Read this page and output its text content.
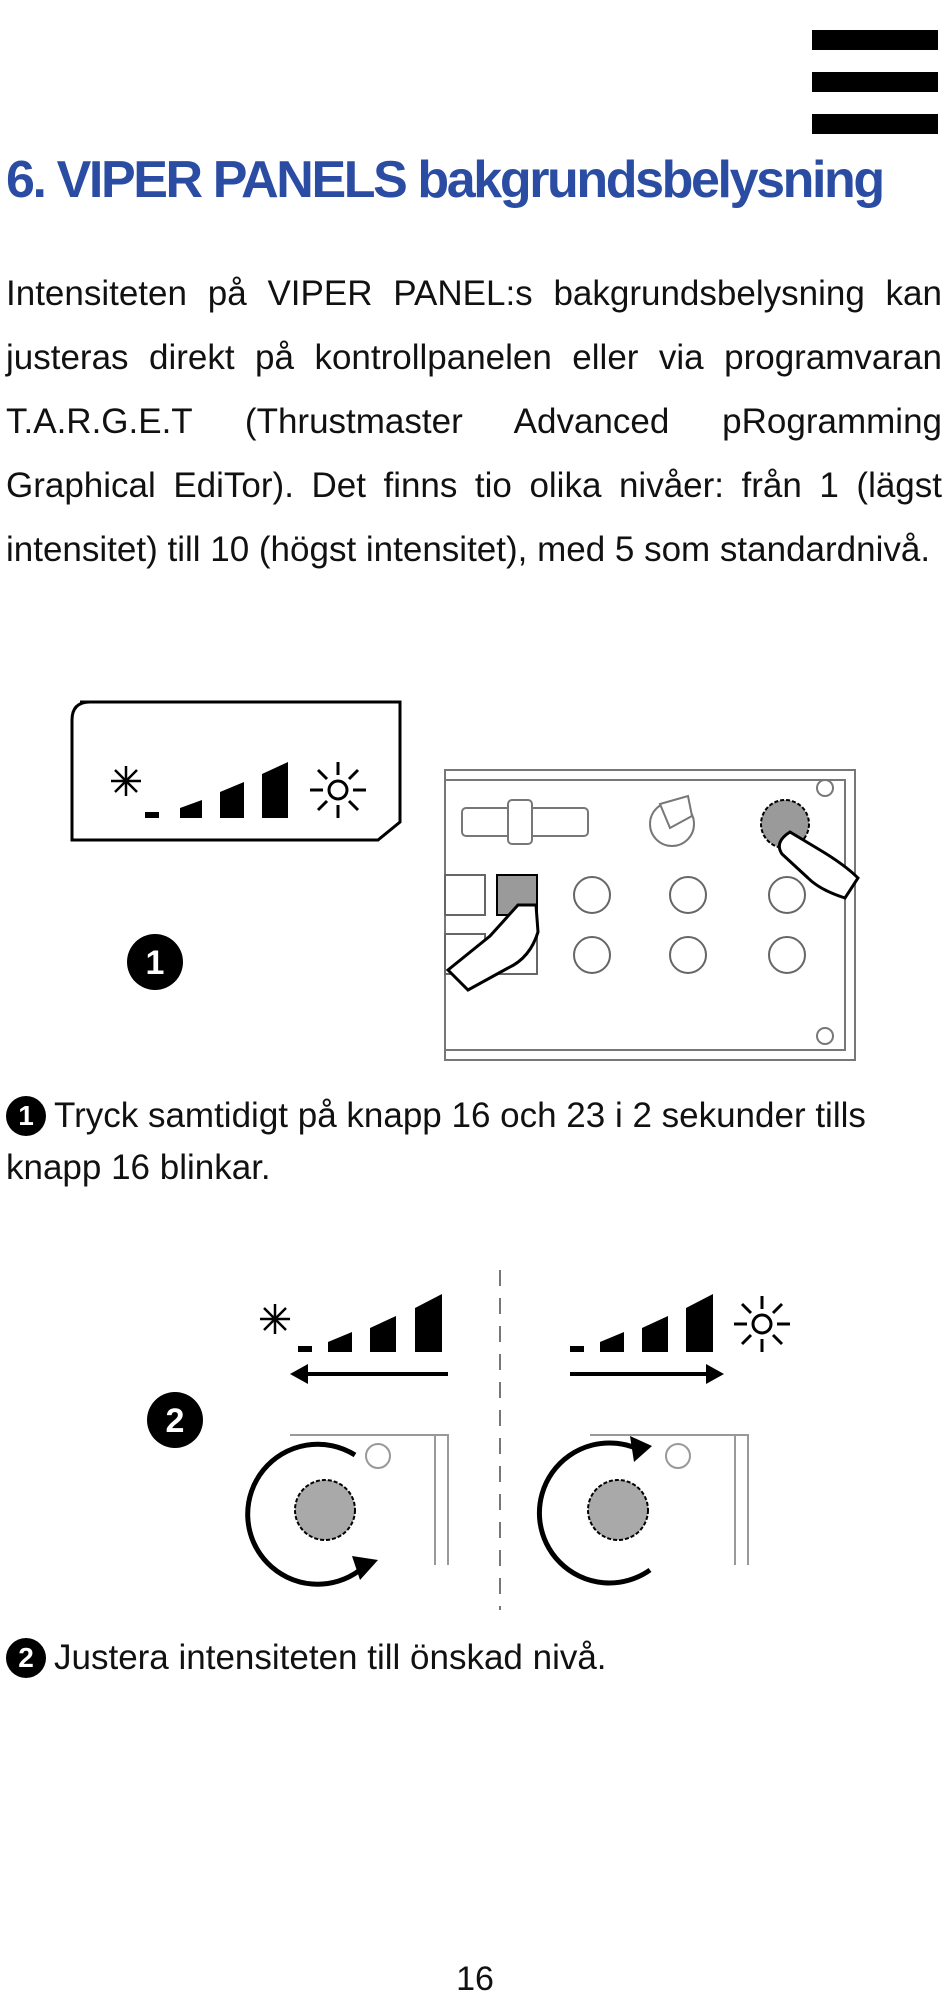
6. VIPER PANELS bakgrundsbelysning

Intensiteten på VIPER PANEL:s bakgrundsbelysning kan justeras direkt på kontrollpanelen eller via programvaran T.A.R.G.E.T (Thrustmaster Advanced pRogramming Graphical EdiTor). Det finns tio olika nivåer: från 1 (lägst intensitet) till 10 (högst intensitet), med 5 som standardnivå.

1

1 Tryck samtidigt på knapp 16 och 23 i 2 sekunder tills knapp 16 blinkar.

2

2 Justera intensiteten till önskad nivå.

16
